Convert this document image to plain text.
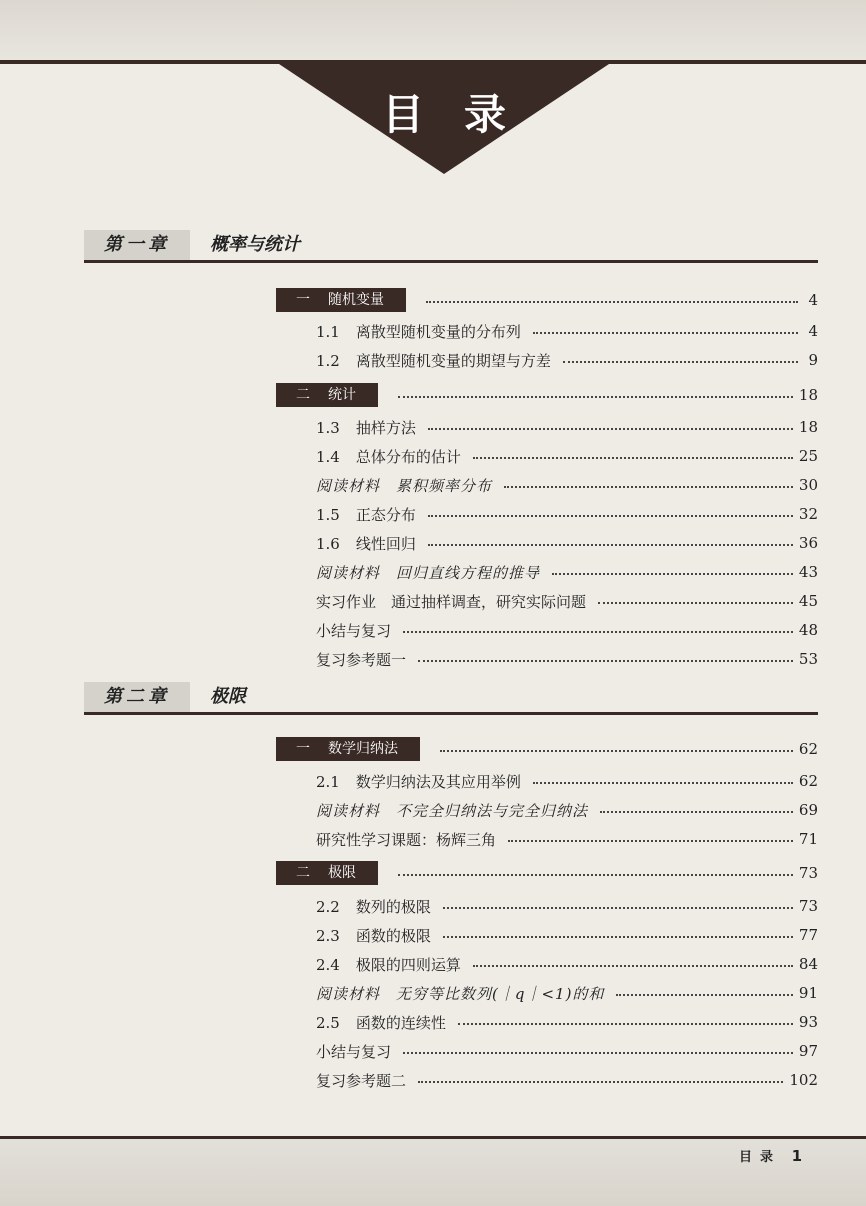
目录
第一章	概率与统计
一 随机变量	4
1.1 离散型随机变量的分布列	4
1.2 离散型随机变量的期望与方差	9
二 统计	18
1.3 抽样方法	18
1.4 总体分布的估计	25
阅读材料　累积频率分布	30
1.5 正态分布	32
1.6 线性回归	36
阅读材料　回归直线方程的推导	43
实习作业　通过抽样调查，研究实际问题	45
小结与复习	48
复习参考题一	53
第二章	极限
一 数学归纳法	62
2.1 数学归纳法及其应用举例	62
阅读材料　不完全归纳法与完全归纳法	69
研究性学习课题：杨辉三角	71
二 极限	73
2.2 数列的极限	73
2.3 函数的极限	77
2.4 极限的四则运算	84
阅读材料　无穷等比数列(｜q｜<1)的和	91
2.5 函数的连续性	93
小结与复习	97
复习参考题二	102
目录 1
